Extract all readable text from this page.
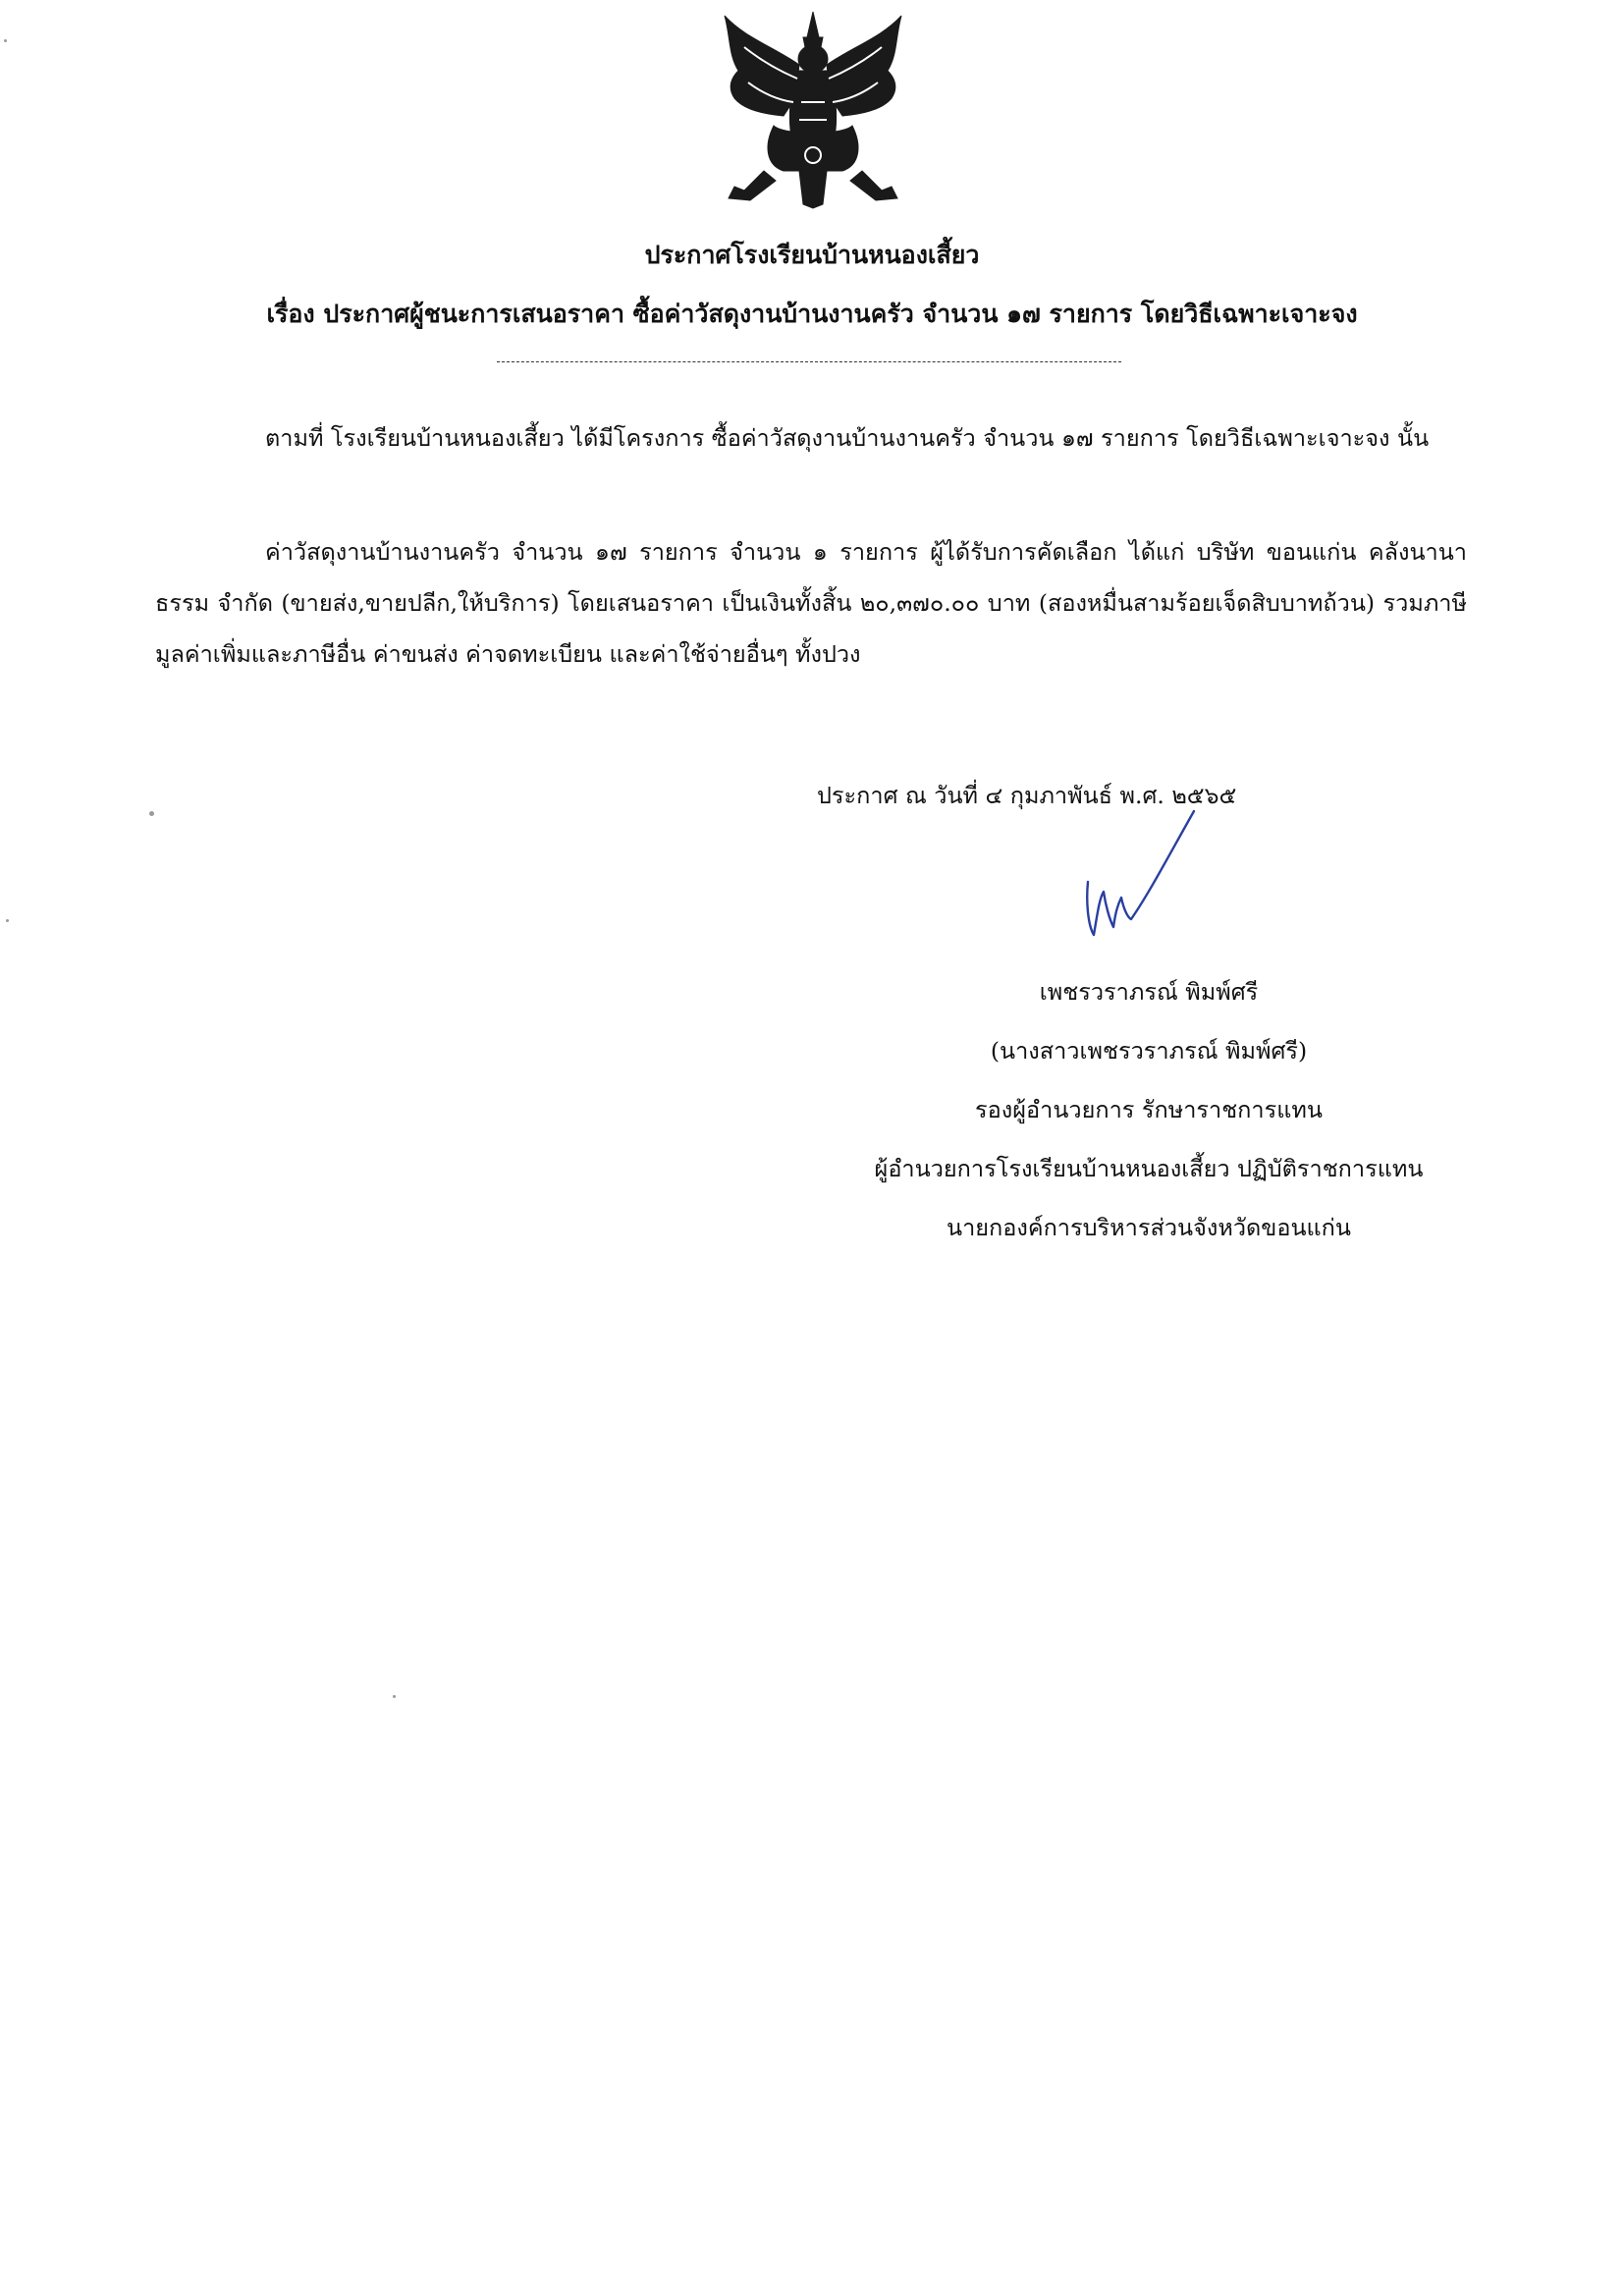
ประกาศโรงเรียนบ้านหนองเสี้ยว
เรื่อง ประกาศผู้ชนะการเสนอราคา ซื้อค่าวัสดุงานบ้านงานครัว จำนวน ๑๗ รายการ โดยวิธีเฉพาะเจาะจง
ตามที่ โรงเรียนบ้านหนองเสี้ยว ได้มีโครงการ ซื้อค่าวัสดุงานบ้านงานครัว จำนวน ๑๗ รายการ โดยวิธีเฉพาะเจาะจง นั้น
ค่าวัสดุงานบ้านงานครัว จำนวน ๑๗ รายการ จำนวน ๑ รายการ ผู้ได้รับการคัดเลือก ได้แก่ บริษัท ขอนแก่น คลังนานาธรรม จำกัด (ขายส่ง,ขายปลีก,ให้บริการ) โดยเสนอราคา เป็นเงินทั้งสิ้น ๒๐,๓๗๐.๐๐ บาท (สองหมื่นสามร้อยเจ็ดสิบบาทถ้วน) รวมภาษีมูลค่าเพิ่มและภาษีอื่น ค่าขนส่ง ค่าจดทะเบียน และค่าใช้จ่ายอื่นๆ ทั้งปวง
ประกาศ ณ วันที่ ๔ กุมภาพันธ์ พ.ศ. ๒๕๖๕
เพชรวราภรณ์ พิมพ์ศรี
(นางสาวเพชรวราภรณ์ พิมพ์ศรี)
รองผู้อำนวยการ รักษาราชการแทน
ผู้อำนวยการโรงเรียนบ้านหนองเสี้ยว ปฏิบัติราชการแทน
นายกองค์การบริหารส่วนจังหวัดขอนแก่น
